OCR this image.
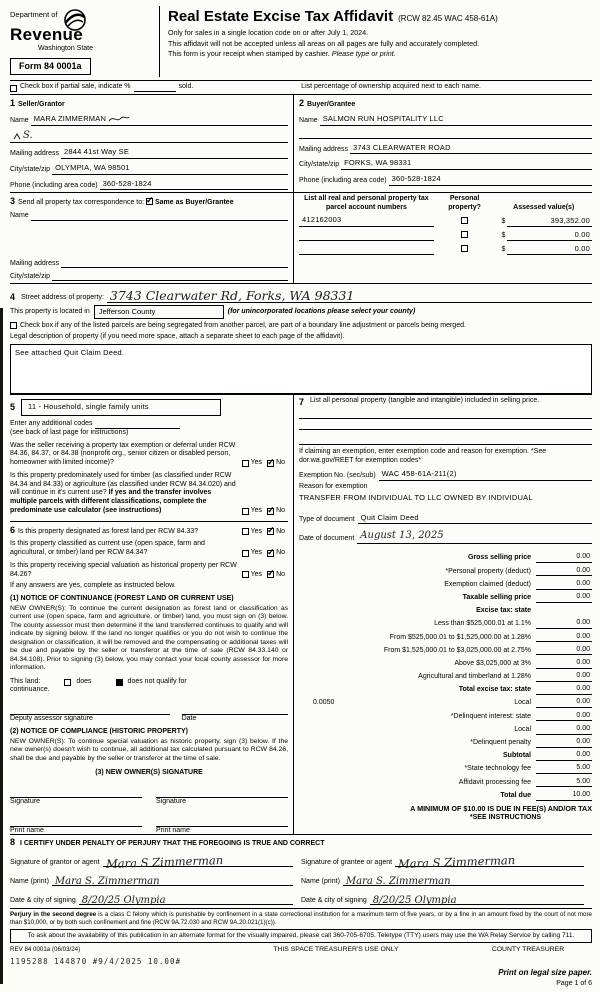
Department of
Revenue
Washington State
Form 84 0001a
Real Estate Excise Tax Affidavit (RCW 82.45 WAC 458-61A)
Only for sales in a single location code on or after July 1, 2024.
This affidavit will not be accepted unless all areas on all pages are fully and accurately completed.
This form is your receipt when stamped by cashier. Please type or print.
Check box if partial sale, indicate %	sold.	List percentage of ownership acquired next to each name.
1 Seller/Grantor
Name MARA ZIMMERMAN
S.
Mailing address 2844 41st Way SE
City/state/zip OLYMPIA, WA 98501
Phone (including area code) 360-528-1824
2 Buyer/Grantee
Name SALMON RUN HOSPITALITY LLC
Mailing address 3743 CLEARWATER ROAD
City/state/zip FORKS, WA 98331
Phone (including area code) 360-528-1824
3 Send all property tax correspondence to: ✓ Same as Buyer/Grantee
Name
Mailing address
City/state/zip
List all real and personal property tax parcel account numbers
Personal property?	Assessed value(s)
412162003	$	393,352.00
$	0.00
$	0.00
4 Street address of property: 3743 Clearwater Rd, Forks, WA 98331
This property is located in	Jefferson County	(for unincorporated locations please select your county)
Check box if any of the listed parcels are being segregated from another parcel, are part of a boundary line adjustment or parcels being merged.
Legal description of property (if you need more space, attach a separate sheet to each page of the affidavit).
See attached Quit Claim Deed.
5	11 - Household, single family units
Enter any additional codes
(see back of last page for instructions)
Was the seller receiving a property tax exemption or deferral under RCW 84.36, 84.37, or 84.38 (nonprofit org., senior citizen or disabled person, homeowner with limited income)?	Yes ✓ No
Is this property predominately used for timber (as classified under RCW 84.34 and 84.33) or agriculture (as classified under RCW 84.34.020) and will continue in it's current use? If yes and the transfer involves multiple parcels with different classifications, complete the predominate use calculator (see instructions)	Yes ✓ No
6 Is this property designated as forest land per RCW 84.33?	Yes ✓ No
Is this property classified as current use (open space, farm and agricultural, or timber) land per RCW 84.34?	Yes ✓ No
Is this property receiving special valuation as historical property per RCW 84.26?	Yes ✓ No
If any answers are yes, complete as instructed below.
(1) NOTICE OF CONTINUANCE (FOREST LAND OR CURRENT USE)
NEW OWNER(S): To continue the current designation as forest land or classification as current use (open space, farm and agriculture, or timber) land, you must sign on (3) below. The county assessor must then determine if the land transferred continues to qualify and will indicate by signing below. If the land no longer qualifies or you do not wish to continue the designation or classification, it will be removed and the compensating or additional taxes will be due and payable by the seller or transferor at the time of sale (RCW 84.33.140 or 84.34.108). Prior to signing (3) below, you may contact your local county assessor for more information.
This land:	does	does not qualify for
continuance.
Deputy assessor signature	Date
(2) NOTICE OF COMPLIANCE (HISTORIC PROPERTY)
NEW OWNER(S): To continue special valuation as historic property, sign (3) below. If the new owner(s) doesn't wish to continue, all additional tax calculated pursuant to RCW 84.26, shall be due and payable by the seller or transferor at the time of sale.
(3) NEW OWNER(S) SIGNATURE
Signature	Signature
Print name	Print name
7 List all personal property (tangible and intangible) included in selling price.
If claiming an exemption, enter exemption code and reason for exemption. *See dor.wa.gov/REET for exemption codes*
Exemption No. (sec/sub) WAC 458-61A-211(2)
Reason for exemption
TRANSFER FROM INDIVIDUAL TO LLC OWNED BY INDIVIDUAL
Type of document Quit Claim Deed
Date of document August 13, 2025
Gross selling price	0.00
*Personal property (deduct)	0.00
Exemption claimed (deduct)	0.00
Taxable selling price	0.00
Excise tax: state
Less than $525,000.01 at 1.1%	0.00
From $525,000.01 to $1,525,000.00 at 1.28%	0.00
From $1,525,000.01 to $3,025,000.00 at 2.75%	0.00
Above $3,025,000 at 3%	0.00
Agricultural and timberland at 1.28%	0.00
Total excise tax: state	0.00
0.0050	Local	0.00
*Delinquent interest: state	0.00
Local	0.00
*Delinquent penalty	0.00
Subtotal	0.00
*State technology fee	5.00
Affidavit processing fee	5.00
Total due	10.00
A MINIMUM OF $10.00 IS DUE IN FEE(S) AND/OR TAX
*SEE INSTRUCTIONS
8 I CERTIFY UNDER PENALTY OF PERJURY THAT THE FOREGOING IS TRUE AND CORRECT
Signature of grantor or agent Mara S Zimmerman	Signature of grantee or agent Mara S Zimmerman
Name (print) Mara S. Zimmerman	Name (print) Mara S. Zimmerman
Date & city of signing 8/20/25 Olympia	Date & city of signing 8/20/25 Olympia
Perjury in the second degree is a class C felony which is punishable by confinement in a state correctional institution for a maximum term of five years, or by a fine in an amount fixed by the court of not more than $10,000, or by both such confinement and fine (RCW 9A.72.030 and RCW 9A.20.021(1)(c)).
To ask about the availability of this publication in an alternate format for the visually impaired, please call 360-705-6705. Teletype (TTY) users may use the WA Relay Service by calling 711.
REV 84 0001a (06/03/24)
1195288 144870 #9/4/2025 10.00#
THIS SPACE TREASURER'S USE ONLY	COUNTY TREASURER
Print on legal size paper.
Page 1 of 6
